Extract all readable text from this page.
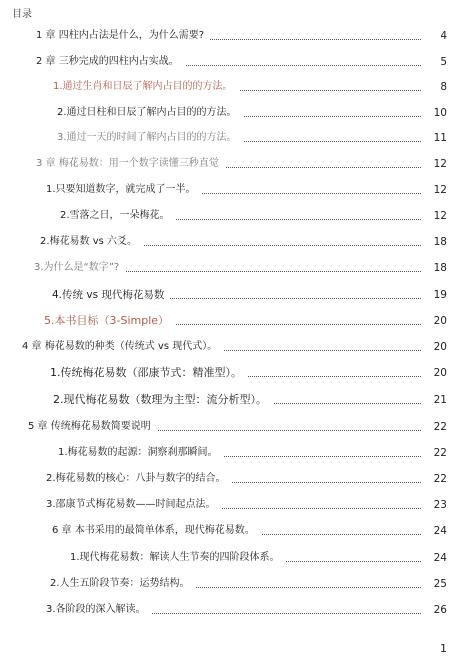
目录
1 章 四柱内占法是什么，为什么需要?	4
2 章 三秒完成的四柱内占实战。	5
1.通过生肖和日辰了解内占目的的方法。	8
2.通过日柱和日辰了解内占目的的方法。	10
3.通过一天的时间了解内占目的的方法。	11
3 章 梅花易数：用一个数字读懂三秒直觉	12
1.只要知道数字，就完成了一半。	12
2.雪落之日，一朵梅花。	12
2.梅花易数 vs 六爻。	18
3.为什么是“数字”?	18
4.传统 vs 现代梅花易数	19
5.本书目标（3-Simple）	20
4 章 梅花易数的种类（传统式 vs 现代式）。	20
1.传统梅花易数（邵康节式：精准型）。	20
2.现代梅花易数（数理为主型：流分析型）。	21
5 章 传统梅花易数简要说明	22
1.梅花易数的起源：洞察刹那瞬间。	22
2.梅花易数的核心：八卦与数字的结合。	22
3.邵康节式梅花易数——时间起点法。	23
6 章 本书采用的最简单体系，现代梅花易数。	24
1.现代梅花易数：解读人生节奏的四阶段体系。	24
2.人生五阶段节奏：运势结构。	25
3.各阶段的深入解读。	26
1
